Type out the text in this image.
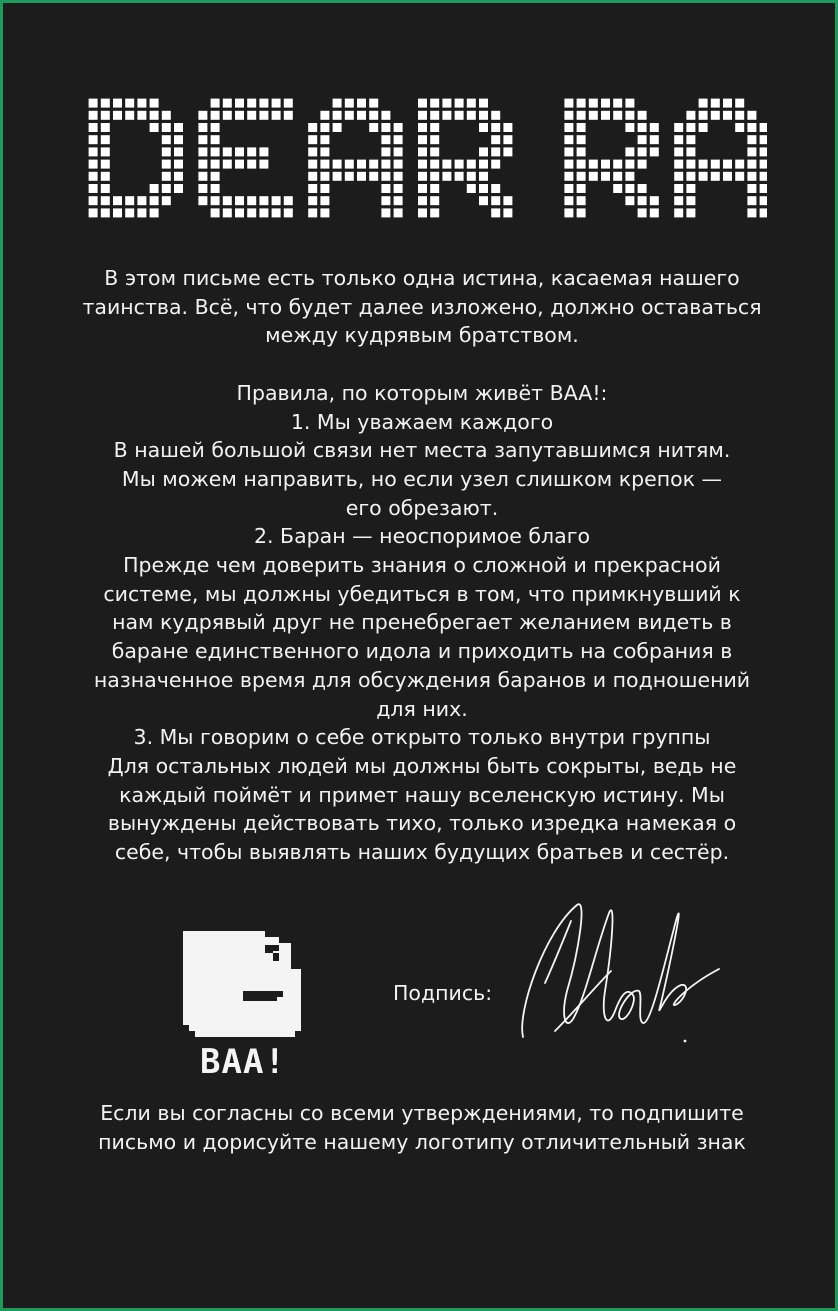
В этом письме есть только одна истина, касаемая нашего

таинства. Всё, что будет далее изложено, должно оставаться

между кудрявым братством.

Правила, по которым живёт BAA!:

1. Мы уважаем каждого

В нашей большой связи нет места запутавшимся нитям.

Мы можем направить, но если узел слишком крепок —

его обрезают.

2. Баран — неоспоримое благо

Прежде чем доверить знания о сложной и прекрасной

системе, мы должны убедиться в том, что примкнувший к

нам кудрявый друг не пренебрегает желанием видеть в

баране единственного идола и приходить на собрания в

назначенное время для обсуждения баранов и подношений

для них.

3. Мы говорим о себе открыто только внутри группы

Для остальных людей мы должны быть сокрыты, ведь не

каждый поймёт и примет нашу вселенскую истину. Мы

вынуждены действовать тихо, только изредка намекая о

себе, чтобы выявлять наших будущих братьев и сестёр.

BAA!
Подпись:

Если вы согласны со всеми утверждениями, то подпишите

письмо и дорисуйте нашему логотипу отличительный знак
